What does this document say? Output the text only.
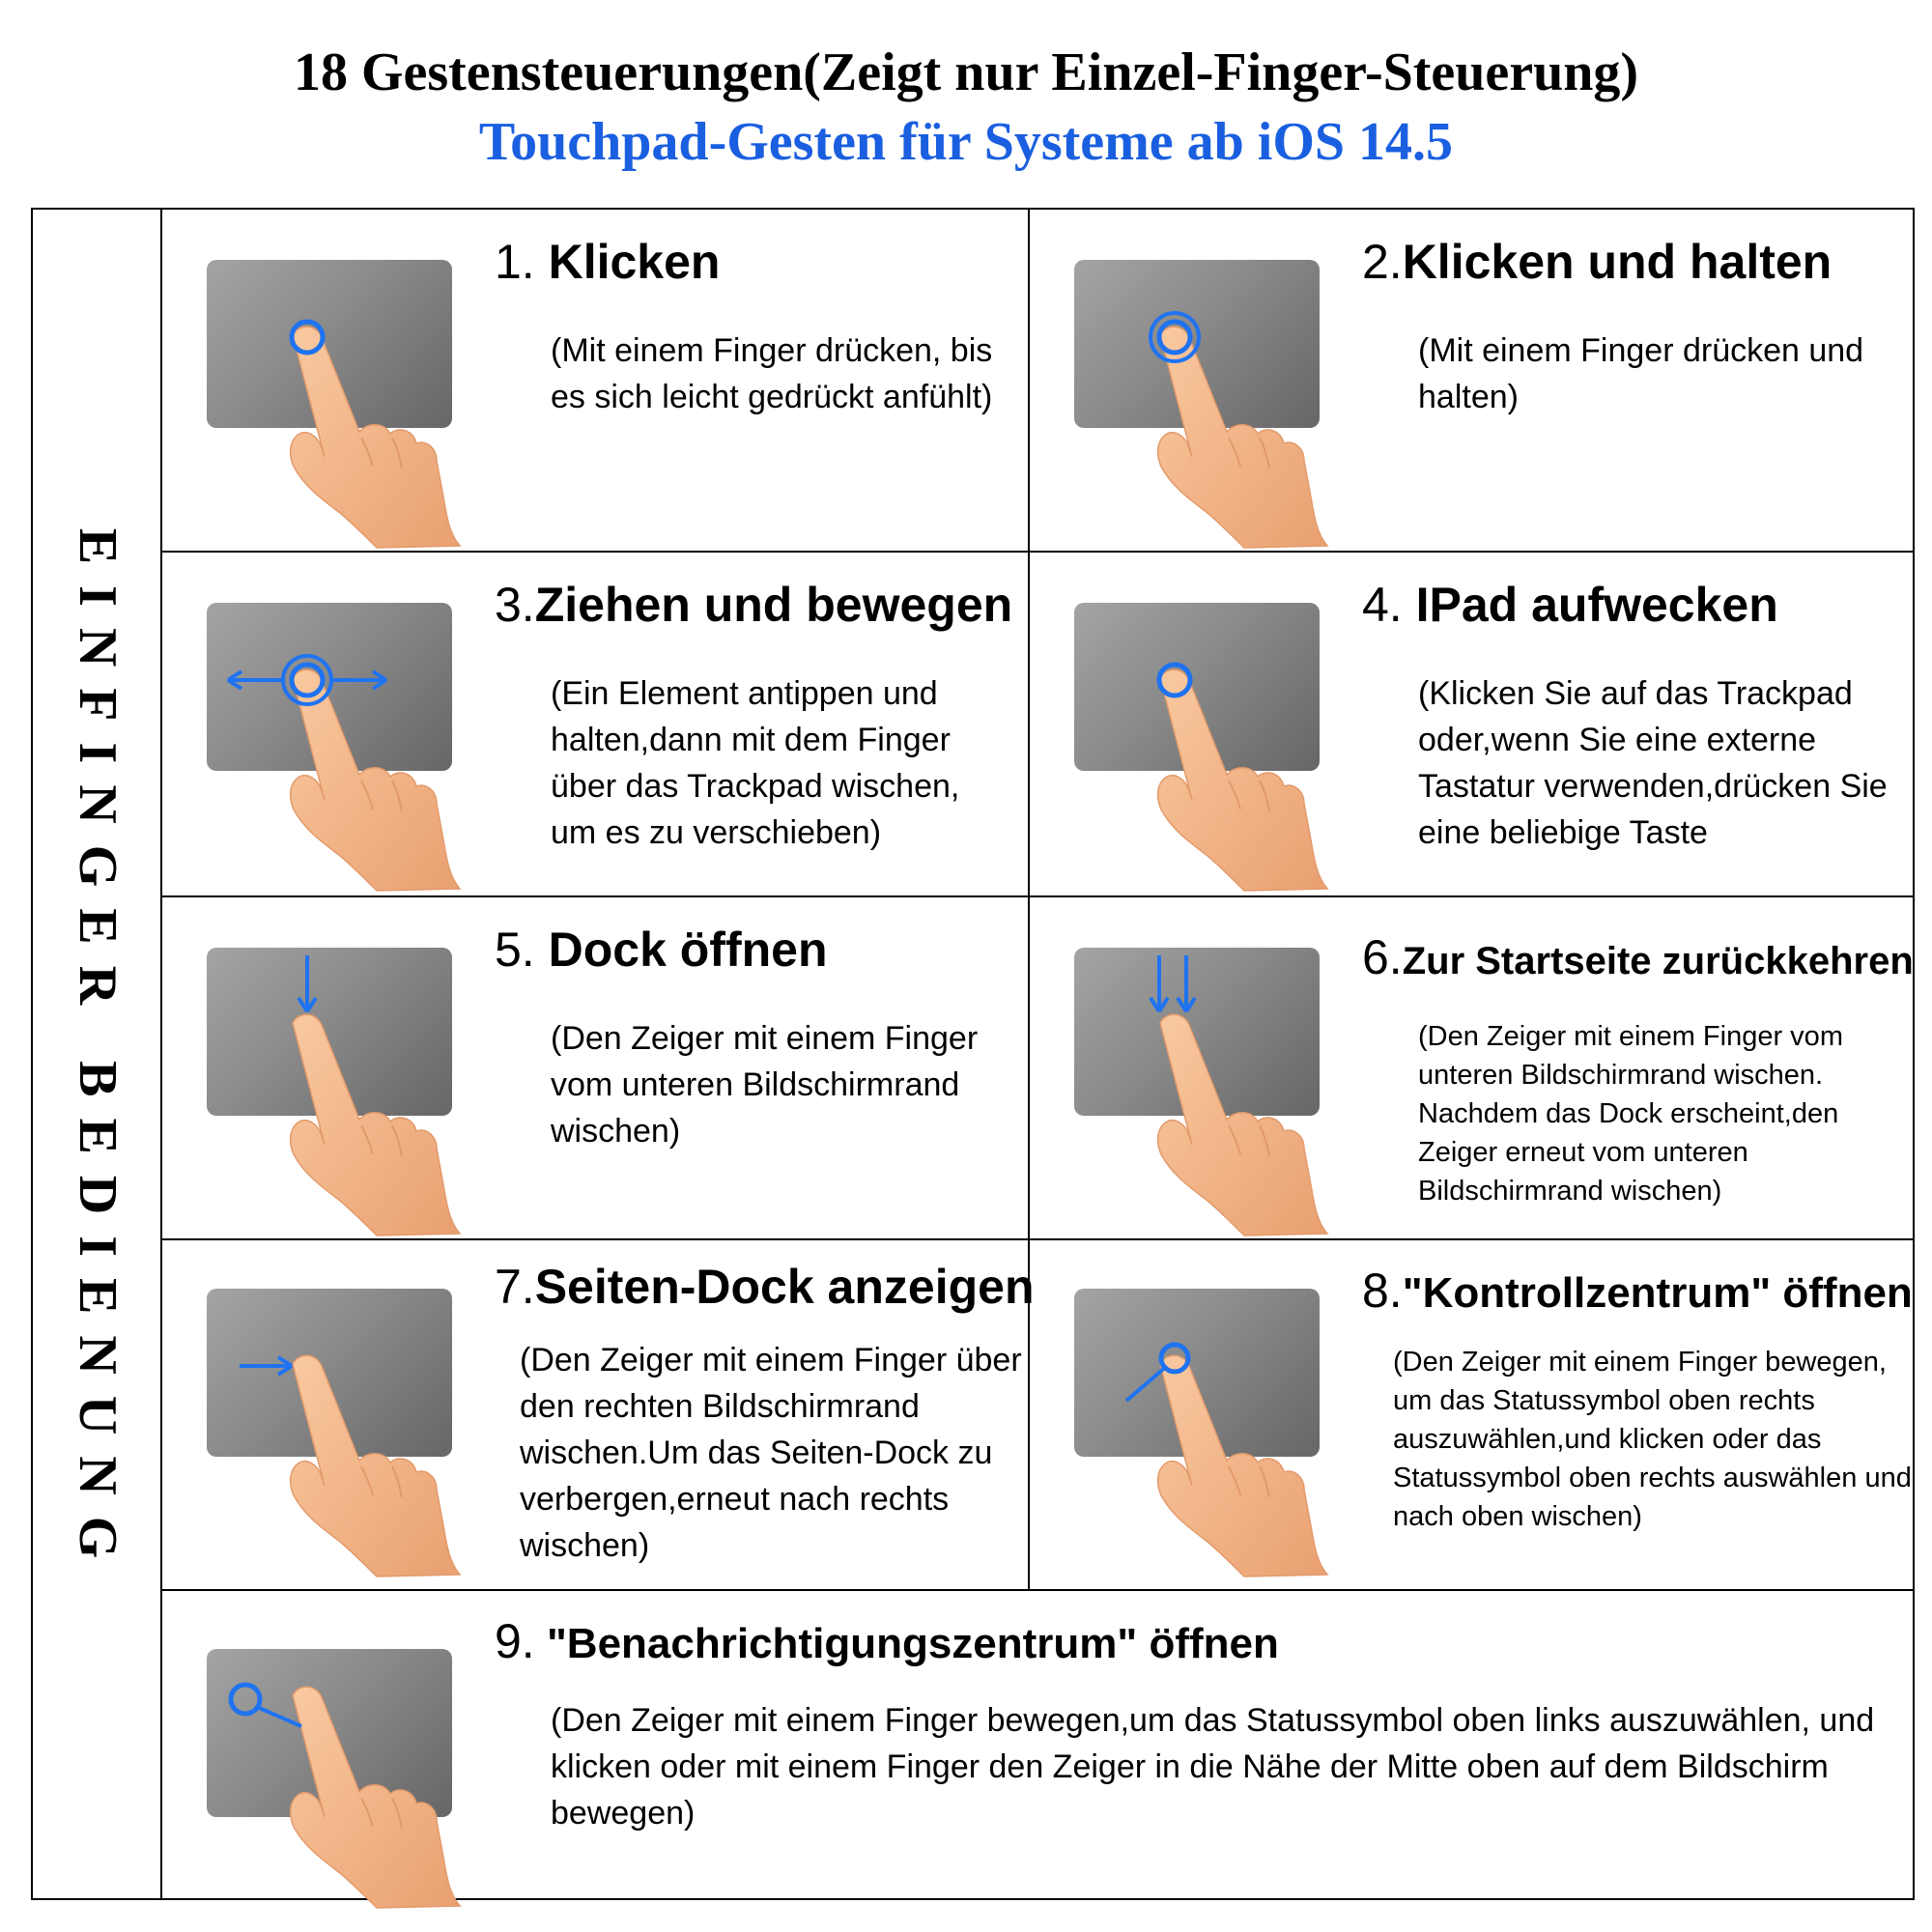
18 Gestensteuerungen(Zeigt nur Einzel-Finger-Steuerung)
Touchpad-Gesten für Systeme ab iOS 14.5
EINFINGER BEDIENUNG
1. Klicken
(Mit einem Finger drücken, bis es sich leicht gedrückt anfühlt)
2.Klicken und halten
(Mit einem Finger drücken und halten)
3.Ziehen und bewegen
(Ein Element antippen und halten,dann mit dem Finger über das Trackpad wischen, um es zu verschieben)
4. IPad aufwecken
(Klicken Sie auf das Trackpad oder,wenn Sie eine externe Tastatur verwenden,drücken Sie eine beliebige Taste
5. Dock öffnen
(Den Zeiger mit einem Finger vom unteren Bildschirmrand wischen)
6.Zur Startseite zurückkehren
(Den Zeiger mit einem Finger vom unteren Bildschirmrand wischen. Nachdem das Dock erscheint,den Zeiger erneut vom unteren Bildschirmrand wischen)
7.Seiten-Dock anzeigen
(Den Zeiger mit einem Finger über den rechten Bildschirmrand wischen.Um das Seiten-Dock zu verbergen,erneut nach rechts wischen)
8."Kontrollzentrum" öffnen
(Den Zeiger mit einem Finger bewegen, um das Statussymbol oben rechts auszuwählen,und klicken oder das Statussymbol oben rechts auswählen und nach oben wischen)
9. "Benachrichtigungszentrum" öffnen
(Den Zeiger mit einem Finger bewegen,um das Statussymbol oben links auszuwählen, und klicken oder mit einem Finger den Zeiger in die Nähe der Mitte oben auf dem Bildschirm bewegen)
